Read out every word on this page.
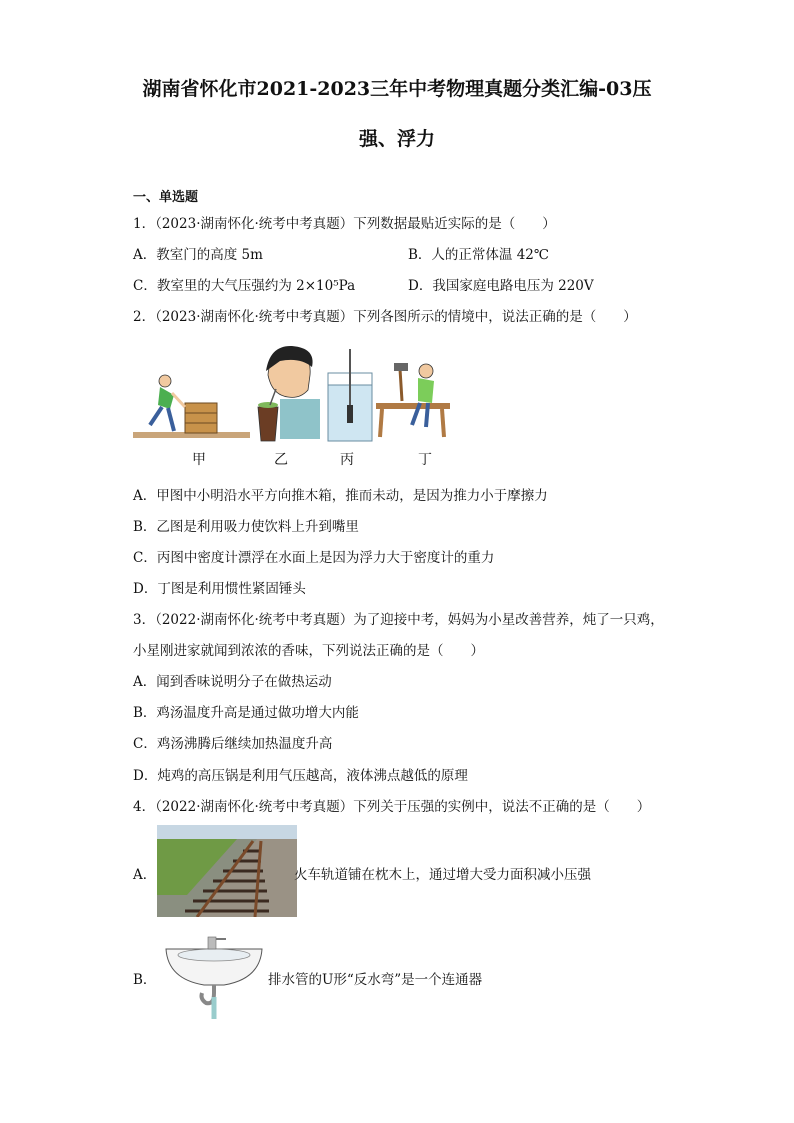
湖南省怀化市2021-2023三年中考物理真题分类汇编-03压
强、浮力
一、单选题
1．（2023·湖南怀化·统考中考真题）下列数据最贴近实际的是（　　）
A．教室门的高度 5m	B．人的正常体温 42℃
C．教室里的大气压强约为 2×10⁵Pa	D．我国家庭电路电压为 220V
2．（2023·湖南怀化·统考中考真题）下列各图所示的情境中，说法正确的是（　　）
甲	乙	丙	丁
A．甲图中小明沿水平方向推木箱，推而未动，是因为推力小于摩擦力
B．乙图是利用吸力使饮料上升到嘴里
C．丙图中密度计漂浮在水面上是因为浮力大于密度计的重力
D．丁图是利用惯性紧固锤头
3．（2022·湖南怀化·统考中考真题）为了迎接中考，妈妈为小星改善营养，炖了一只鸡，
小星刚进家就闻到浓浓的香味，下列说法正确的是（　　）
A．闻到香味说明分子在做热运动
B．鸡汤温度升高是通过做功增大内能
C．鸡汤沸腾后继续加热温度升高
D．炖鸡的高压锅是利用气压越高，液体沸点越低的原理
4．（2022·湖南怀化·统考中考真题）下列关于压强的实例中，说法不正确的是（　　）
A．	火车轨道铺在枕木上，通过增大受力面积减小压强
B．	排水管的U形“反水弯”是一个连通器
